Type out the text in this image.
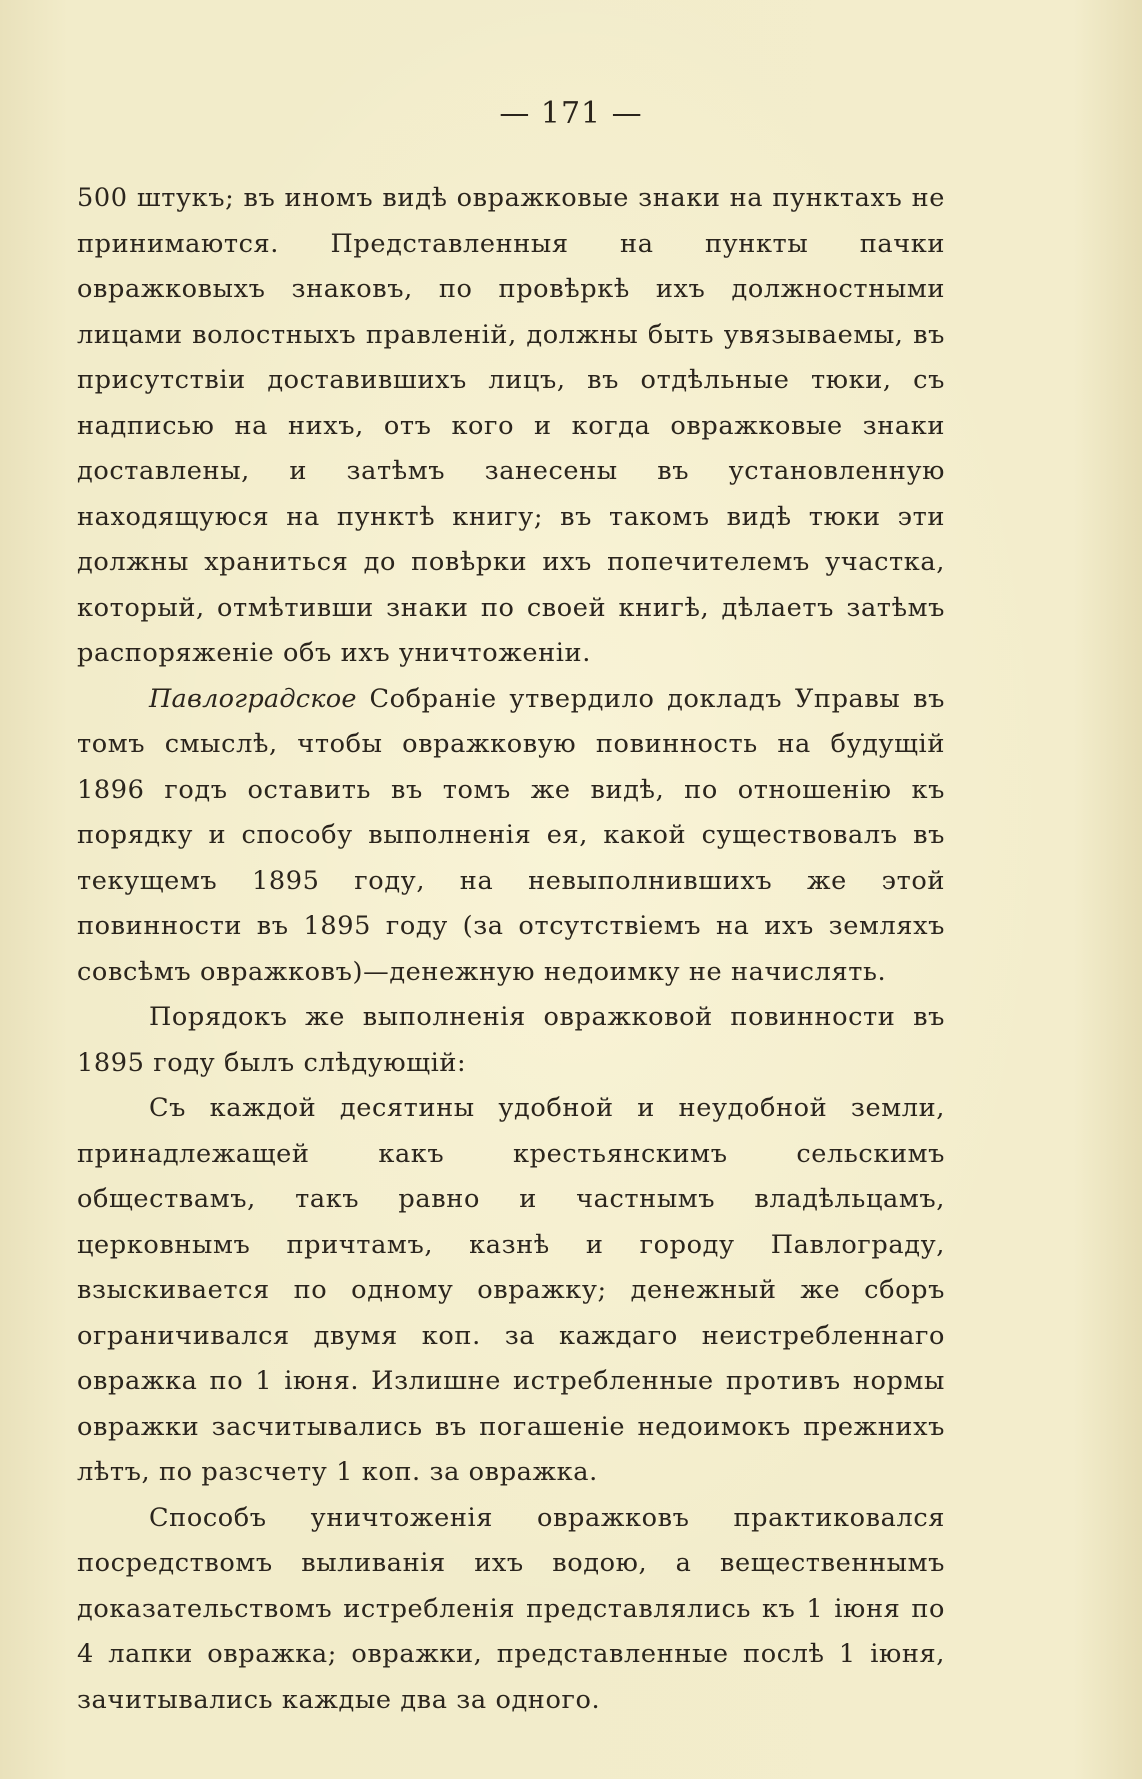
— 171 —

500 штукъ; въ иномъ видѣ овражковые знаки на пунктахъ не принимаются. Представленныя на пункты пачки овражковыхъ знаковъ, по провѣркѣ ихъ должностными лицами волостныхъ правленій, должны быть увязываемы, въ присутствіи доставившихъ лицъ, въ отдѣльные тюки, съ надписью на нихъ, отъ кого и когда овражковые знаки доставлены, и затѣмъ занесены въ установленную находящуюся на пунктѣ книгу; въ такомъ видѣ тюки эти должны храниться до повѣрки ихъ попечителемъ участка, который, отмѣтивши знаки по своей книгѣ, дѣлаетъ затѣмъ распоряженіе объ ихъ уничтоженіи.

Павлоградское Собраніе утвердило докладъ Управы въ томъ смыслѣ, чтобы овражковую повинность на будущій 1896 годъ оставить въ томъ же видѣ, по отношенію къ порядку и способу выполненія ея, какой существовалъ въ текущемъ 1895 году, на невыполнившихъ же этой повинности въ 1895 году (за отсутствіемъ на ихъ земляхъ совсѣмъ овражковъ)—денежную недоимку не начислять.

Порядокъ же выполненія овражковой повинности въ 1895 году былъ слѣдующій:

Съ каждой десятины удобной и неудобной земли, принадлежащей какъ крестьянскимъ сельскимъ обществамъ, такъ равно и частнымъ владѣльцамъ, церковнымъ причтамъ, казнѣ и городу Павлограду, взыскивается по одному овражку; денежный же сборъ ограничивался двумя коп. за каждаго неистребленнаго овражка по 1 іюня. Излишне истребленные противъ нормы овражки засчитывались въ погашеніе недоимокъ прежнихъ лѣтъ, по разсчету 1 коп. за овражка.

Способъ уничтоженія овражковъ практиковался посредствомъ выливанія ихъ водою, а вещественнымъ доказательствомъ истребленія представлялись къ 1 іюня по 4 лапки овражка; овражки, представленные послѣ 1 іюня, зачитывались каждые два за одного.
